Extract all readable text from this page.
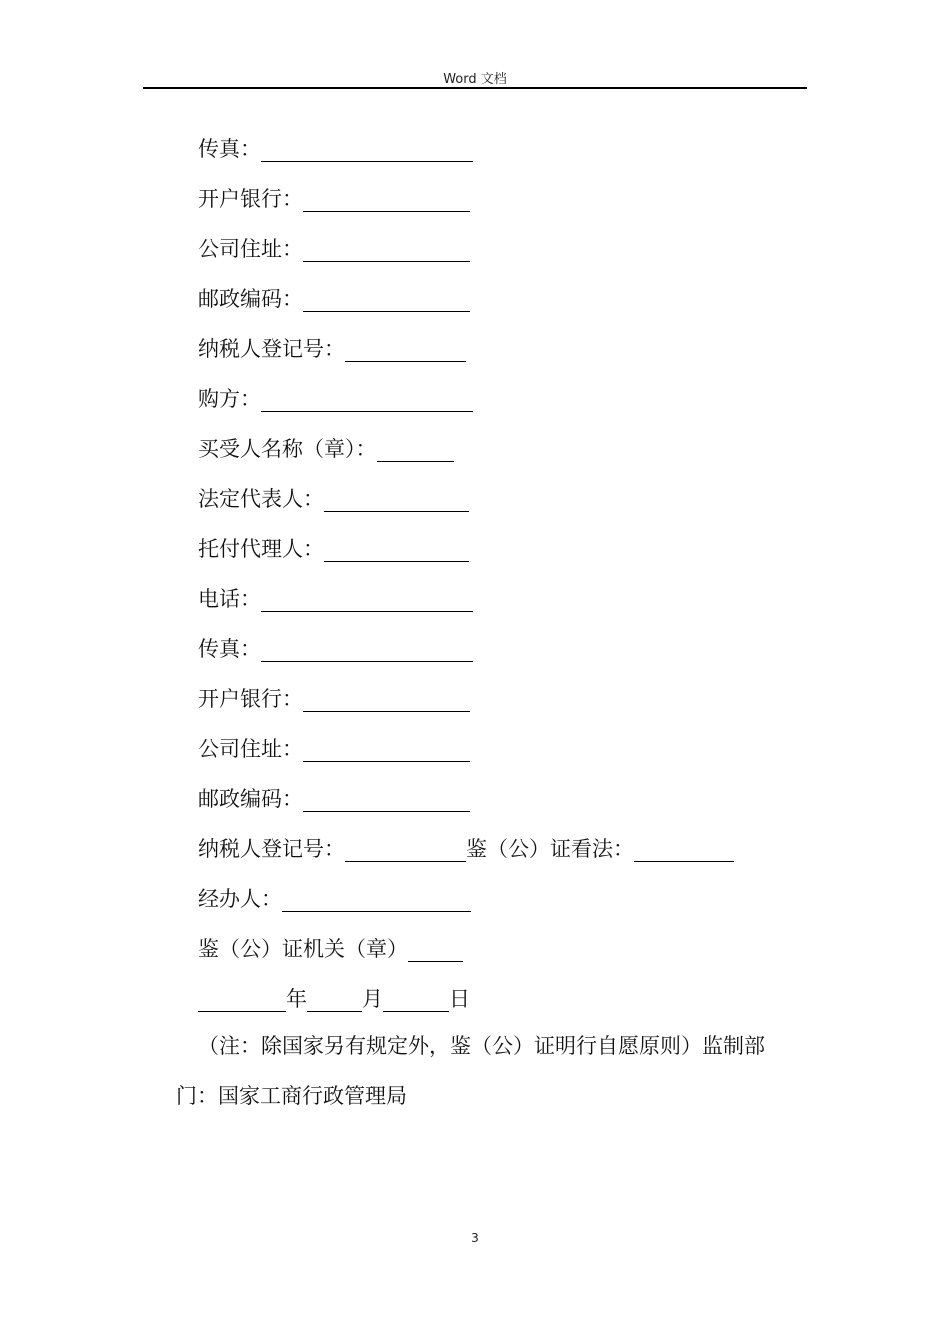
Word 文档
传真：
开户银行：
公司住址：
邮政编码：
纳税人登记号：
购方：
买受人名称（章）：
法定代表人：
托付代理人：
电话：
传真：
开户银行：
公司住址：
邮政编码：
纳税人登记号：	鉴（公）证看法：
经办人：
鉴（公）证机关（章）
年	月	日
（注：除国家另有规定外，鉴（公）证明行自愿原则）监制部
门：国家工商行政管理局
3
